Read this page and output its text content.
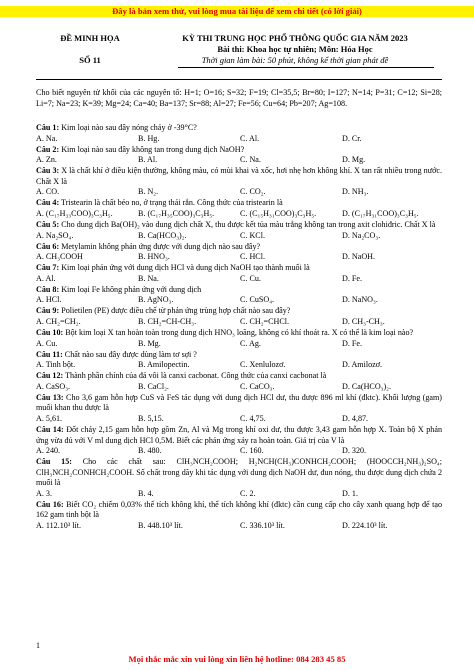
Đây là bản xem thử, vui lòng mua tài liệu để xem chi tiết (có lời giải)
ĐỀ MINH HỌA
SỐ 11
KỲ THI TRUNG HỌC PHỔ THÔNG QUỐC GIA NĂM 2023
Bài thi: Khoa học tự nhiên; Môn: Hóa Học
Thời gian làm bài: 50 phút, không kể thời gian phát đề
Cho biết nguyên tử khối của các nguyên tố: H=1; O=16; S=32; F=19; Cl=35,5; Br=80; I=127; N=14; P=31; C=12; Si=28; Li=7; Na=23; K=39; Mg=24; Ca=40; Ba=137; Sr=88; Al=27; Fe=56; Cu=64; Pb=207; Ag=108.
Câu 1: Kim loại nào sau đây nóng chảy ở -39°C?
A. Na.	B. Hg.	C. Al.	D. Cr.
Câu 2: Kim loại nào sau đây không tan trong dung dịch NaOH?
A. Zn.	B. Al.	C. Na.	D. Mg.
Câu 3: X là chất khí ở điều kiện thường, không màu, có mùi khai và xốc, hơi nhẹ hơn không khí. X tan rất nhiều trong nước. Chất X là
A. CO.	B. N₂.	C. CO₂.	D. NH₃.
Câu 4: Tristearin là chất béo no, ở trạng thái rắn. Công thức của tristearin là
A. (C₁₇H₃₃COO)₃C₃H₅.	B. (C₁₇H₃₅COO)₃C₃H₅.	C. (C₁₅H₃₁COO)₃C₃H₅.	D. (C₁₇H₃₁COO)₃C₃H₅.
Câu 5: Cho dung dịch Ba(OH)₂ vào dung dịch chất X, thu được kết tủa màu trắng không tan trong axit clohiđric. Chất X là
A. Na₂SO₄.	B. Ca(HCO₃)₂.	C. KCl.	D. Na₂CO₃.
Câu 6: Metylamin không phản ứng được với dung dịch nào sau đây?
A. CH₃COOH	B. HNO₃.	C. HCl.	D. NaOH.
Câu 7: Kim loại phản ứng với dung dịch HCl và dung dịch NaOH tạo thành muối là
A. Al.	B. Na.	C. Cu.	D. Fe.
Câu 8: Kim loại Fe không phản ứng với dung dịch
A. HCl.	B. AgNO₃.	C. CuSO₄.	D. NaNO₃.
Câu 9: Polietilen (PE) được điều chế từ phản ứng trùng hợp chất nào sau đây?
A. CH₂=CH₂.	B. CH₂=CH-CH₃.	C. CH₂=CHCl.	D. CH₃-CH₃.
Câu 10: Bột kim loại X tan hoàn toàn trong dung dịch HNO₃ loãng, không có khí thoát ra. X có thể là kim loại nào?
A. Cu.	B. Mg.	C. Ag.	D. Fe.
Câu 11: Chất nào sau đây được dùng làm tơ sợi ?
A. Tinh bột.	B. Amilopectin.	C. Xenlulozơ.	D. Amilozơ.
Câu 12: Thành phần chính của đá vôi là canxi cacbonat. Công thức của canxi cacbonat là
A. CaSO₃.	B. CaCl₂.	C. CaCO₃.	D. Ca(HCO₃)₂.
Câu 13: Cho 3,6 gam hỗn hợp CuS và FeS tác dụng với dung dịch HCl dư, thu được 896 ml khí (đktc). Khối lượng (gam) muối khan thu được là
A. 5,61.	B. 5,15.	C. 4,75.	D. 4,87.
Câu 14: Đốt cháy 2,15 gam hỗn hợp gồm Zn, Al và Mg trong khí oxi dư, thu được 3,43 gam hỗn hợp X. Toàn bộ X phản ứng vừa đủ với V ml dung dịch HCl 0,5M. Biết các phản ứng xảy ra hoàn toàn. Giá trị của V là
A. 240.	B. 480.	C. 160.	D. 320.
Câu 15: Cho các chất sau: ClH₃NCH₂COOH; H₂NCH(CH₃)CONHCH₂COOH; (HOOCCH₂NH₃)₂SO₄; ClH₃NCH₂CONHCH₂COOH. Số chất trong dãy khi tác dụng với dung dịch NaOH dư, đun nóng, thu được dung dịch chứa 2 muối là
A. 3.	B. 4.	C. 2.	D. 1.
Câu 16: Biết CO₂ chiếm 0,03% thể tích không khí, thể tích không khí (đktc) cần cung cấp cho cây xanh quang hợp để tạo 162 gam tinh bột là
A. 112.10³ lít.	B. 448.10³ lít.	C. 336.10³ lít.	D. 224.10³ lít.
1
Mọi thắc mắc xin vui lòng xin liên hệ hotline: 084 283 45 85
